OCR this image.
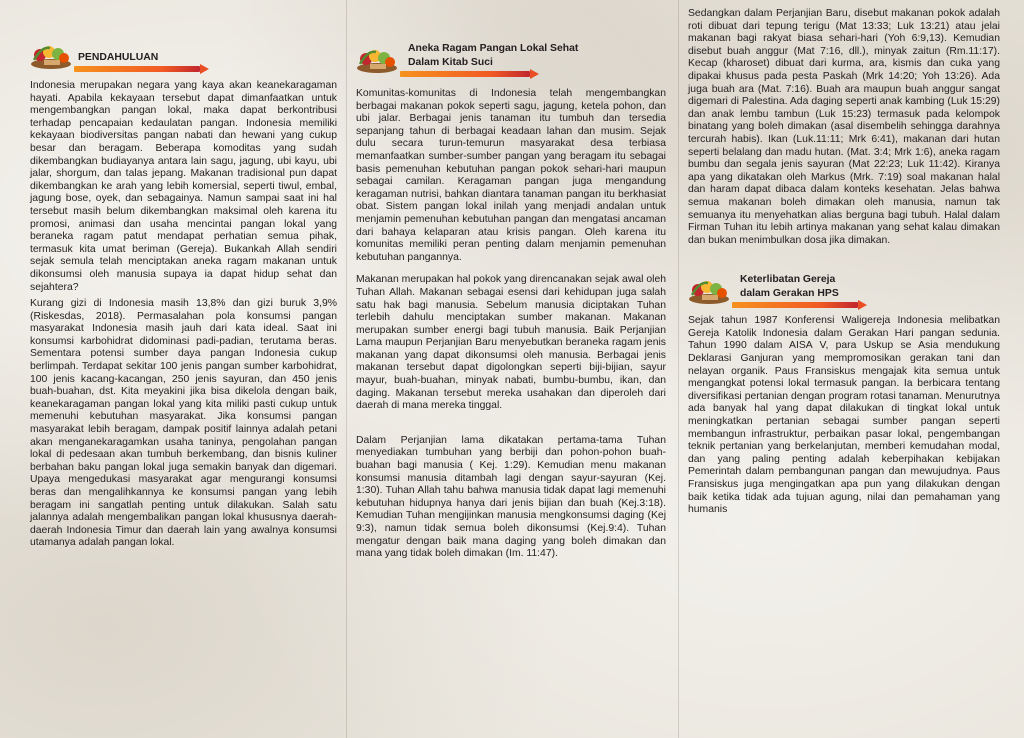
PENDAHULUAN

Indonesia merupakan negara yang kaya akan keanekaragaman hayati. Apabila kekayaan tersebut dapat dimanfaatkan untuk mengembangkan pangan lokal, maka dapat berkontribusi terhadap pencapaian kedaulatan pangan. Indonesia memiliki kekayaan biodiversitas pangan nabati dan hewani yang cukup besar dan beragam. Beberapa komoditas yang sudah dikembangkan budiayanya antara lain sagu, jagung, ubi kayu, ubi jalar, shorgum, dan talas jepang. Makanan tradisional pun dapat dikembangkan ke arah yang lebih komersial, seperti tiwul, embal, jagung bose, oyek, dan sebagainya. Namun sampai saat ini hal tersebut masih belum dikembangkan maksimal oleh karena itu promosi, animasi dan usaha mencintai pangan lokal yang beraneka ragam patut mendapat perhatian semua pihak, termasuk kita umat beriman (Gereja). Bukankah Allah sendiri sejak semula telah menciptakan aneka ragam makanan untuk dikonsumsi oleh manusia supaya ia dapat hidup sehat dan sejahtera?

Kurang gizi di Indonesia masih 13,8% dan gizi buruk 3,9% (Riskesdas, 2018). Permasalahan pola konsumsi pangan masyarakat Indonesia masih jauh dari kata ideal. Saat ini konsumsi karbohidrat didominasi padi-padian, terutama beras. Sementara potensi sumber daya pangan Indonesia cukup berlimpah. Terdapat sekitar 100 jenis pangan sumber karbohidrat, 100 jenis kacang-kacangan, 250 jenis sayuran, dan 450 jenis buah-buahan, dst. Kita meyakini jika bisa dikelola dengan baik, keanekaragaman pangan lokal yang kita miliki pasti cukup untuk memenuhi kebutuhan masyarakat. Jika konsumsi pangan masyarakat lebih beragam, dampak positif lainnya adalah petani akan menganekaragamkan usaha taninya, pengolahan pangan lokal di pedesaan akan tumbuh berkembang, dan bisnis kuliner berbahan baku pangan lokal juga semakin banyak dan digemari. Upaya mengedukasi masyarakat agar mengurangi konsumsi beras dan mengalihkannya ke konsumsi pangan yang lebih beragam ini sangatlah penting untuk dilakukan. Salah satu jalannya adalah mengembalikan pangan lokal khususnya daerah-daerah Indonesia Timur dan daerah lain yang awalnya konsumsi utamanya adalah pangan lokal.

Aneka Ragam Pangan Lokal Sehat
Dalam Kitab Suci

Komunitas-komunitas di Indonesia telah mengembangkan berbagai makanan pokok seperti sagu, jagung, ketela pohon, dan ubi jalar. Berbagai jenis tanaman itu tumbuh dan tersedia sepanjang tahun di berbagai keadaan lahan dan musim. Sejak dulu secara turun-temurun masyarakat desa terbiasa memanfaatkan sumber-sumber pangan yang beragam itu sebagai basis pemenuhan kebutuhan pangan pokok sehari-hari maupun sebagai camilan. Keragaman pangan juga mengandung keragaman nutrisi, bahkan diantara tanaman pangan itu berkhasiat obat. Sistem pangan lokal inilah yang menjadi andalan untuk menjamin pemenuhan kebutuhan pangan dan mengatasi ancaman dari bahaya kelaparan atau krisis pangan. Oleh karena itu komunitas memiliki peran penting dalam menjamin pemenuhan kebutuhan pangannya.

Makanan merupakan hal pokok yang direncanakan sejak awal oleh Tuhan Allah. Makanan sebagai esensi dari kehidupan juga salah satu hak bagi manusia. Sebelum manusia diciptakan Tuhan terlebih dahulu menciptakan sumber makanan. Makanan merupakan sumber energi bagi tubuh manusia. Baik Perjanjian Lama maupun Perjanjian Baru menyebutkan beraneka ragam jenis makanan yang dapat dikonsumsi oleh manusia. Berbagai jenis makanan tersebut dapat digolongkan seperti biji-bijian, sayur mayur, buah-buahan, minyak nabati, bumbu-bumbu, ikan, dan daging. Makanan tersebut mereka usahakan dan diperoleh dari daerah di mana mereka tinggal.

Dalam Perjanjian lama dikatakan pertama-tama Tuhan menyediakan tumbuhan yang berbiji dan pohon-pohon buah-buahan bagi manusia ( Kej. 1:29). Kemudian menu makanan konsumsi manusia ditambah lagi dengan sayur-sayuran (Kej. 1:30). Tuhan Allah tahu bahwa manusia tidak dapat lagi memenuhi kebutuhan hidupnya hanya dari jenis bijian dan buah (Kej.3:18). Kemudian Tuhan mengijinkan manusia mengkonsumsi daging (Kej 9:3), namun tidak semua boleh dikonsumsi (Kej.9:4). Tuhan mengatur dengan baik mana daging yang boleh dimakan dan mana yang tidak boleh dimakan (Im. 11:47).

Sedangkan dalam Perjanjian Baru, disebut makanan pokok adalah roti dibuat dari tepung terigu (Mat 13:33; Luk 13:21) atau jelai makanan bagi rakyat biasa sehari-hari (Yoh 6:9,13). Kemudian disebut buah anggur (Mat 7:16, dll.), minyak zaitun (Rm.11:17). Kecap (kharoset) dibuat dari kurma, ara, kismis dan cuka yang dipakai khusus pada pesta Paskah (Mrk 14:20; Yoh 13:26). Ada juga buah ara (Mat. 7:16). Buah ara maupun buah anggur sangat digemari di Palestina. Ada daging seperti anak kambing (Luk 15:29) dan anak lembu tambun (Luk 15:23) termasuk pada kelompok binatang yang boleh dimakan (asal disembelih sehingga darahnya tercurah habis). Ikan (Luk.11:11; Mrk 6:41), makanan dari hutan seperti belalang dan madu hutan. (Mat. 3:4; Mrk 1:6), aneka ragam bumbu dan segala jenis sayuran (Mat 22:23; Luk 11:42). Kiranya apa yang dikatakan oleh Markus (Mrk. 7:19) soal makanan halal dan haram dapat dibaca dalam konteks kesehatan. Jelas bahwa semua makanan boleh dimakan oleh manusia, namun tak semuanya itu menyehatkan alias berguna bagi tubuh. Halal dalam Firman Tuhan itu lebih artinya makanan yang sehat kalau dimakan dan bukan menimbulkan dosa jika dimakan.

Keterlibatan Gereja
dalam Gerakan HPS

Sejak tahun 1987 Konferensi Waligereja Indonesia melibatkan Gereja Katolik Indonesia dalam Gerakan Hari pangan sedunia. Tahun 1990 dalam AISA V, para Uskup se Asia mendukung Deklarasi Ganjuran yang mempromosikan gerakan tani dan nelayan organik. Paus Fransiskus mengajak kita semua untuk mengangkat potensi lokal termasuk pangan. Ia berbicara tentang diversifikasi pertanian dengan program rotasi tanaman. Menurutnya ada banyak hal yang dapat dilakukan di tingkat lokal untuk meningkatkan pertanian sebagai sumber pangan seperti membangun infrastruktur, perbaikan pasar lokal, pengembangan teknik pertanian yang berkelanjutan, memberi kemudahan modal, dan yang paling penting adalah keberpihakan kebijakan Pemerintah dalam pembangunan pangan dan mewujudnya. Paus Fransiskus juga mengingatkan apa pun yang dilakukan dengan baik ketika tidak ada tujuan agung, nilai dan pemahaman yang humanis
